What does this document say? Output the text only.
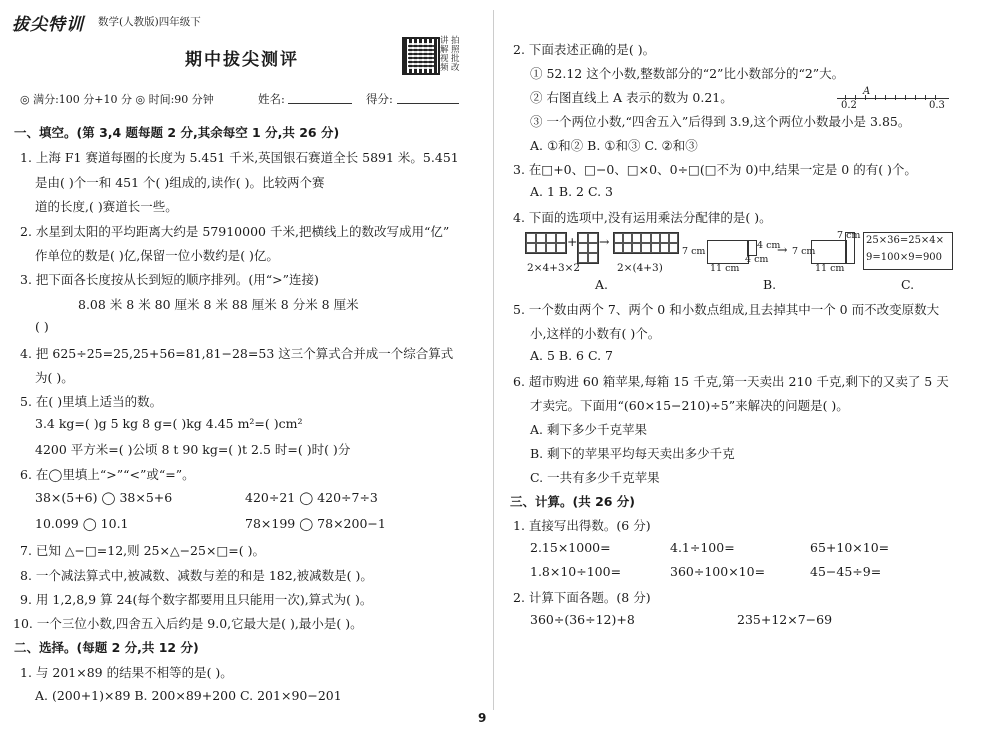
拔尖特训 数学(人教版)四年级下
期中拔尖测评
讲解视频
拍照批改
◎ 满分:100 分+10 分 ◎ 时间:90 分钟	姓名:	得分:
一、填空。(第 3,4 题每题 2 分,其余每空 1 分,共 26 分)
1. 上海 F1 赛道每圈的长度为 5.451 千米,英国银石赛道全长 5891 米。5.451
是由( )个一和 451 个( )组成的,读作( )。比较两个赛
道的长度,( )赛道长一些。
2. 水星到太阳的平均距离大约是 57910000 千米,把横线上的数改写成用“亿”
作单位的数是( )亿,保留一位小数约是( )亿。
3. 把下面各长度按从长到短的顺序排列。(用“>”连接)
8.08 米 8 米 80 厘米 8 米 88 厘米 8 分米 8 厘米
( )
4. 把 625÷25=25,25+56=81,81−28=53 这三个算式合并成一个综合算式
为( )。
5. 在( )里填上适当的数。
3.4 kg=( )g 5 kg 8 g=( )kg 4.45 m²=( )cm²
4200 平方米=( )公顷 8 t 90 kg=( )t 2.5 时=( )时( )分
6. 在◯里填上“>”“<”或“=”。
38×(5+6) ◯ 38×5+6	420÷21 ◯ 420÷7÷3
10.099 ◯ 10.1	78×199 ◯ 78×200−1
7. 已知 △−□=12,则 25×△−25×□=( )。
8. 一个减法算式中,被减数、减数与差的和是 182,被减数是( )。
9. 用 1,2,8,9 算 24(每个数字都要用且只能用一次),算式为( )。
10. 一个三位小数,四舍五入后约是 9.0,它最大是( ),最小是( )。
二、选择。(每题 2 分,共 12 分)
1. 与 201×89 的结果不相等的是( )。
A. (200+1)×89 B. 200×89+200 C. 201×90−201
2. 下面表述正确的是( )。
① 52.12 这个小数,整数部分的“2”比小数部分的“2”大。
② 右图直线上 A 表示的数为 0.21。
③ 一个两位小数,“四舍五入”后得到 3.9,这个两位小数最小是 3.85。
A. ①和② B. ①和③ C. ②和③
0.2
A
0.3
3. 在□+0、□−0、□×0、0÷□(□不为 0)中,结果一定是 0 的有( )个。
A. 1 B. 2 C. 3
4. 下面的选项中,没有运用乘法分配律的是( )。
+ →
2×4+3×2	2×(4+3)
7 cm
4 cm
→ 7 cm
11 cm
7 cm
4 cm
11 cm
25×36=25×4×
9=100×9=900
A.	B.	C.
5. 一个数由两个 7、两个 0 和小数点组成,且去掉其中一个 0 而不改变原数大
小,这样的小数有( )个。
A. 5 B. 6 C. 7
6. 超市购进 60 箱苹果,每箱 15 千克,第一天卖出 210 千克,剩下的又卖了 5 天
才卖完。下面用“(60×15−210)÷5”来解决的问题是( )。
A. 剩下多少千克苹果
B. 剩下的苹果平均每天卖出多少千克
C. 一共有多少千克苹果
三、计算。(共 26 分)
1. 直接写出得数。(6 分)
2.15×1000=	4.1÷100=	65+10×10=
1.8×10÷100=	360÷100×10=	45−45÷9=
2. 计算下面各题。(8 分)
360÷(36÷12)+8	235+12×7−69
9
